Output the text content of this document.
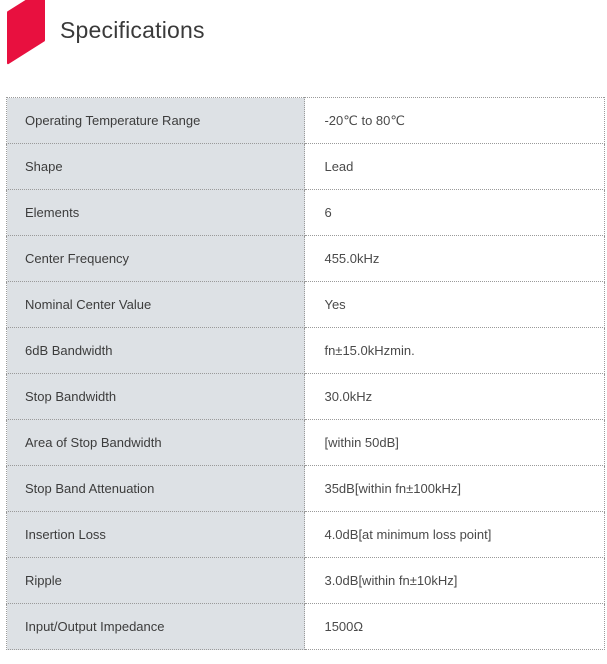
Specifications
Operating Temperature Range	-20℃ to 80℃
Shape	Lead
Elements	6
Center Frequency	455.0kHz
Nominal Center Value	Yes
6dB Bandwidth	fn±15.0kHzmin.
Stop Bandwidth	30.0kHz
Area of Stop Bandwidth	[within 50dB]
Stop Band Attenuation	35dB[within fn±100kHz]
Insertion Loss	4.0dB[at minimum loss point]
Ripple	3.0dB[within fn±10kHz]
Input/Output Impedance	1500Ω
